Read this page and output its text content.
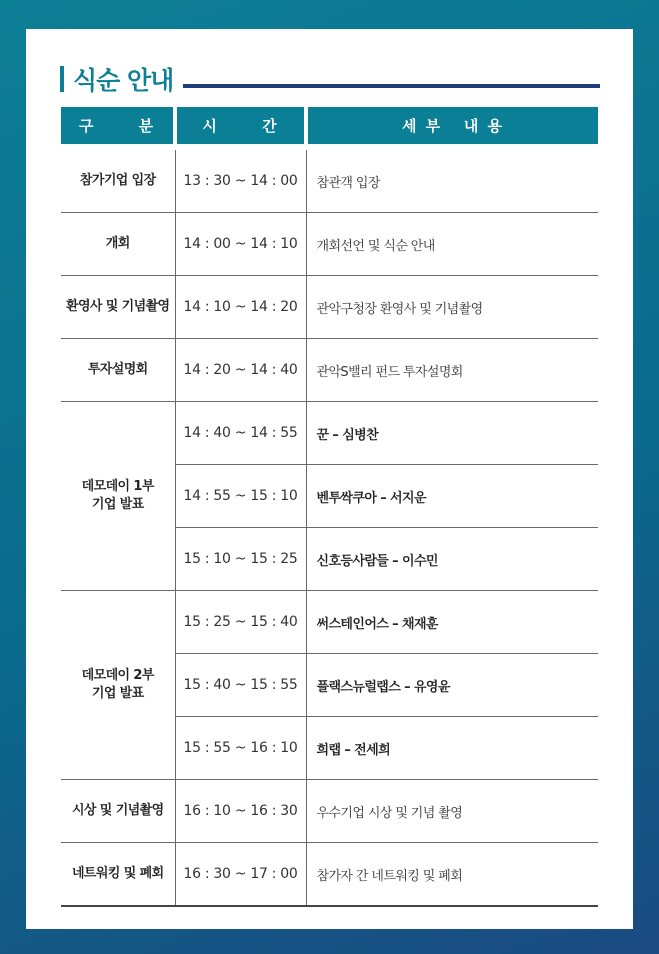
식순 안내
구      분	시      간	세 부   내 용

참가기업 입장	13 : 30 ~ 14 : 00	참관객 입장
개회	14 : 00 ~ 14 : 10	개회선언 및 식순 안내
환영사 및 기념촬영	14 : 10 ~ 14 : 20	관악구청장 환영사 및 기념촬영
투자설명회	14 : 20 ~ 14 : 40	관악S밸리 펀드 투자설명회

데모데이 1부
기업 발표	14 : 40 ~ 14 : 55	꾼 – 심병찬
	14 : 55 ~ 15 : 10	벤투싹쿠아 – 서지운
	15 : 10 ~ 15 : 25	신호등사람들 – 이수민

데모데이 2부
기업 발표	15 : 25 ~ 15 : 40	써스테인어스 – 채재훈
	15 : 40 ~ 15 : 55	플랙스뉴럴랩스 – 유영윤
	15 : 55 ~ 16 : 10	희랩 – 전세희
시상 및 기념촬영	16 : 10 ~ 16 : 30	우수기업 시상 및 기념 촬영
네트워킹 및 폐회	16 : 30 ~ 17 : 00	참가자 간 네트워킹 및 폐회
